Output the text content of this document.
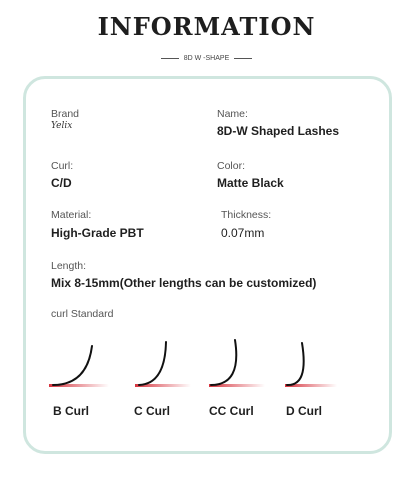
INFORMATION
8D W -SHAPE
Brand
Yelix
Name:
8D-W Shaped Lashes
Curl:
C/D
Color:
Matte Black
Material:
High-Grade PBT
Thickness:
0.07mm
Length:
Mix 8-15mm(Other lengths can be customized)
curl Standard
B Curl	C Curl	CC Curl	D Curl
